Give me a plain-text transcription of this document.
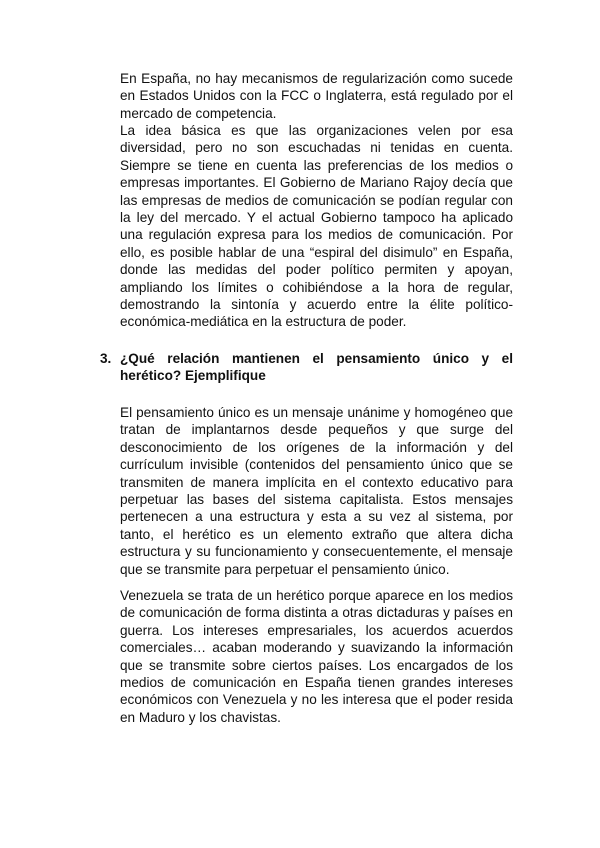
En España, no hay mecanismos de regularización como sucede en Estados Unidos con la FCC o Inglaterra, está regulado por el mercado de competencia.

La idea básica es que las organizaciones velen por esa diversidad, pero no son escuchadas ni tenidas en cuenta. Siempre se tiene en cuenta las preferencias de los medios o empresas importantes. El Gobierno de Mariano Rajoy decía que las empresas de medios de comunicación se podían regular con la ley del mercado. Y el actual Gobierno tampoco ha aplicado una regulación expresa para los medios de comunicación. Por ello, es posible hablar de una “espiral del disimulo” en España, donde las medidas del poder político permiten y apoyan, ampliando los límites o cohibiéndose a la hora de regular, demostrando la sintonía y acuerdo entre la élite político-económica-mediática en la estructura de poder.

3. ¿Qué relación mantienen el pensamiento único y el
herético? Ejemplifique

El pensamiento único es un mensaje unánime y homogéneo que tratan de implantarnos desde pequeños y que surge del desconocimiento de los orígenes de la información y del currículum invisible (contenidos del pensamiento único que se transmiten de manera implícita en el contexto educativo para perpetuar las bases del sistema capitalista. Estos mensajes pertenecen a una estructura y esta a su vez al sistema, por tanto, el herético es un elemento extraño que altera dicha estructura y su funcionamiento y consecuentemente, el mensaje que se transmite para perpetuar el pensamiento único.

Venezuela se trata de un herético porque aparece en los medios de comunicación de forma distinta a otras dictaduras y países en guerra. Los intereses empresariales, los acuerdos acuerdos comerciales… acaban moderando y suavizando la información que se transmite sobre ciertos países. Los encargados de los medios de comunicación en España tienen grandes intereses económicos con Venezuela y no les interesa que el poder resida en Maduro y los chavistas.
